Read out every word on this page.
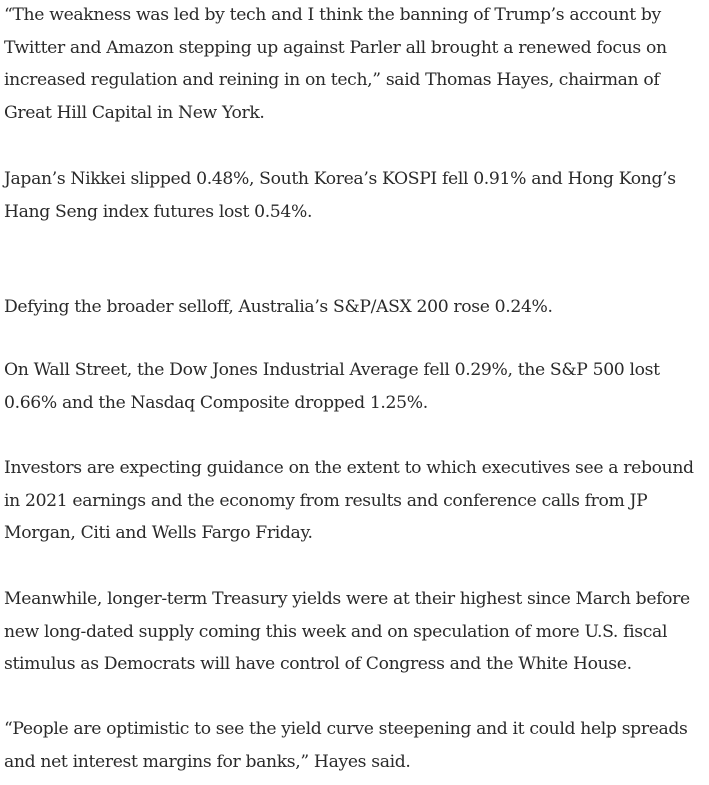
“The weakness was led by tech and I think the banning of Trump’s account by Twitter and Amazon stepping up against Parler all brought a renewed focus on increased regulation and reining in on tech,” said Thomas Hayes, chairman of Great Hill Capital in New York.

Japan’s Nikkei slipped 0.48%, South Korea’s KOSPI fell 0.91% and Hong Kong’s Hang Seng index futures lost 0.54%.

Defying the broader selloff, Australia’s S&P/ASX 200 rose 0.24%.

On Wall Street, the Dow Jones Industrial Average fell 0.29%, the S&P 500 lost 0.66% and the Nasdaq Composite dropped 1.25%.

Investors are expecting guidance on the extent to which executives see a rebound in 2021 earnings and the economy from results and conference calls from JP Morgan, Citi and Wells Fargo Friday.

Meanwhile, longer-term Treasury yields were at their highest since March before new long-dated supply coming this week and on speculation of more U.S. fiscal stimulus as Democrats will have control of Congress and the White House.

“People are optimistic to see the yield curve steepening and it could help spreads and net interest margins for banks,” Hayes said.
